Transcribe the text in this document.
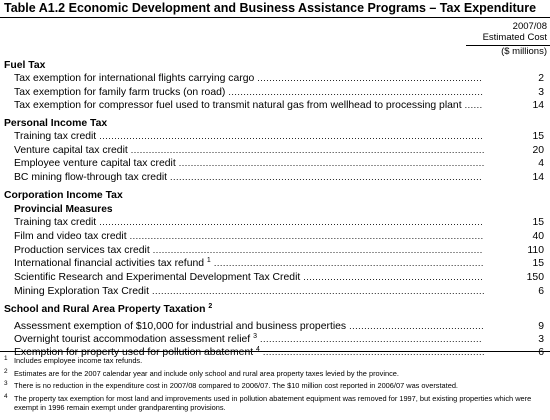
Table A1.2 Economic Development and Business Assistance Programs – Tax Expenditure
2007/08
Estimated Cost
($ millions)
Fuel Tax
Tax exemption for international flights carrying cargo ...........................................................................	2
Tax exemption for family farm trucks (on road) .....................................................................................	3
Tax exemption for compressor fuel used to transmit natural gas from wellhead to processing plant ......	14
Personal Income Tax
Training tax credit ................................................................................................................................	15
Venture capital tax credit ......................................................................................................................	20
Employee venture capital tax credit ......................................................................................................	4
BC mining flow-through tax credit ........................................................................................................	14
Corporation Income Tax
Provincial Measures
Training tax credit ................................................................................................................................	15
Film and video tax credit ......................................................................................................................	40
Production services tax credit ..............................................................................................................	110
International financial activities tax refund $^1$ ..........................................................................................	15
Scientific Research and Experimental Development Tax Credit ............................................................	150
Mining Exploration Tax Credit ...............................................................................................................	6
School and Rural Area Property Taxation $^2$
Assessment exemption of $10,000 for industrial and business properties .............................................	9
Overnight tourist accommodation assessment relief $^3$ ..........................................................................	3
Exemption for property used for pollution abatement $^4$ ..........................................................................	6
1 Includes employee income tax refunds.
2 Estimates are for the 2007 calendar year and include only school and rural area property taxes levied by the province.
3 There is no reduction in the expenditure cost in 2007/08 compared to 2006/07. The $10 million cost reported in 2006/07 was overstated.
4 The property tax exemption for most land and improvements used in pollution abatement equipment was removed for 1997, but existing properties which were exempt in 1996 remain exempt under grandparenting provisions.
